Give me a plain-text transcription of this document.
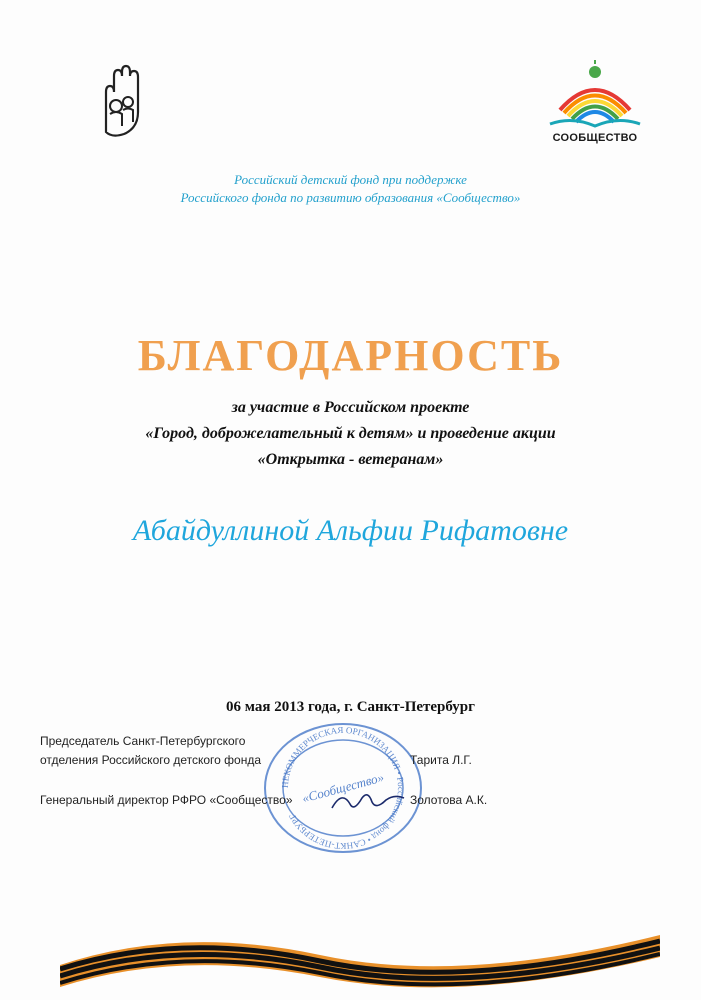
СООБЩЕСТВО
Российский детский фонд при поддержке
Российского фонда по развитию образования «Сообщество»
БЛАГОДАРНОСТЬ
за участие в Российском проекте
«Город, доброжелательный к детям» и проведение акции
«Открытка - ветеранам»
Абайдуллиной Альфии Рифатовне
06 мая 2013 года, г. Санкт-Петербург
НЕКОММЕРЧЕСКАЯ ОРГАНИЗАЦИЯ • Российский фонд • САНКТ-ПЕТЕРБУРГ
«Сообщество»
Председатель Санкт-Петербургского
отделения Российского детского фонда	Тарита Л.Г.
Генеральный директор РФРО «Сообщество»	Золотова А.К.
